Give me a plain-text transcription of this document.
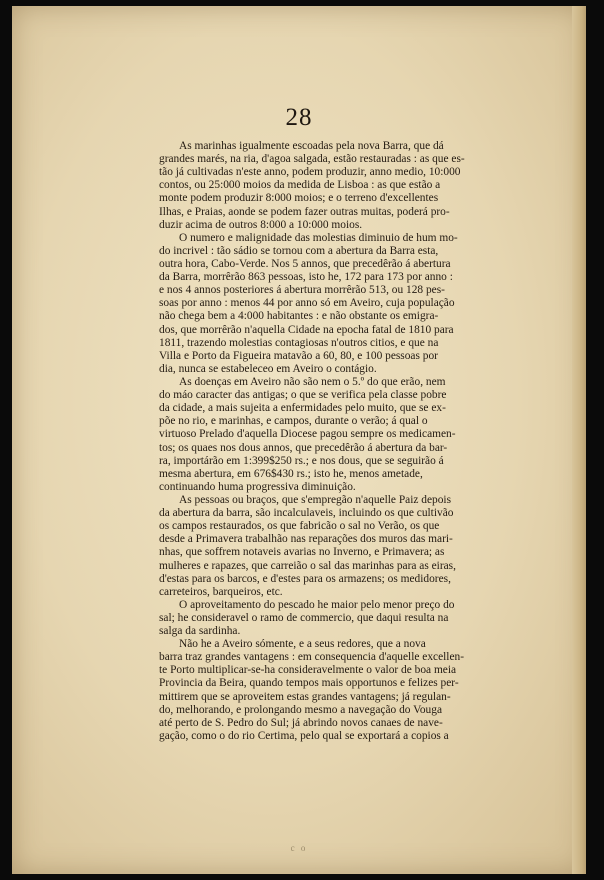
28
As marinhas igualmente escoadas pela nova Barra, que dá
grandes marés, na ria, d'agoa salgada, estão restauradas : as que es-
tão já cultivadas n'este anno, podem produzir, anno medio, 10:000
contos, ou 25:000 moios da medida de Lisboa : as que estão a
monte podem produzir 8:000 moios; e o terreno d'excellentes
Ilhas, e Praias, aonde se podem fazer outras muitas, poderá pro-
duzir acima de outros 8:000 a 10:000 moios.
O numero e malignidade das molestias diminuio de hum mo-
do incrivel : tão sádio se tornou com a abertura da Barra esta,
outra hora, Cabo-Verde. Nos 5 annos, que precedêrão á abertura
da Barra, morrêrão 863 pessoas, isto he, 172 para 173 por anno :
e nos 4 annos posteriores á abertura morrêrão 513, ou 128 pes-
soas por anno : menos 44 por anno só em Aveiro, cuja população
não chega bem a 4:000 habitantes : e não obstante os emigra-
dos, que morrêrão n'aquella Cidade na epocha fatal de 1810 para
1811, trazendo molestias contagiosas n'outros citios, e que na
Villa e Porto da Figueira matavão a 60, 80, e 100 pessoas por
dia, nunca se estabeleceo em Aveiro o contágio.
As doenças em Aveiro não são nem o 5.º do que erão, nem
do máo caracter das antigas; o que se verifica pela classe pobre
da cidade, a mais sujeita a enfermidades pelo muito, que se ex-
põe no rio, e marinhas, e campos, durante o verão; á qual o
virtuoso Prelado d'aquella Diocese pagou sempre os medicamen-
tos; os quaes nos dous annos, que precedêrão á abertura da bar-
ra, importárão em 1:399$250 rs.; e nos dous, que se seguirão á
mesma abertura, em 676$430 rs.; isto he, menos ametade,
continuando huma progressiva diminuição.
As pessoas ou braços, que s'empregão n'aquelle Paiz depois
da abertura da barra, são incalculaveis, incluindo os que cultivão
os campos restaurados, os que fabricão o sal no Verão, os que
desde a Primavera trabalhão nas reparações dos muros das mari-
nhas, que soffrem notaveis avarias no Inverno, e Primavera; as
mulheres e rapazes, que carreião o sal das marinhas para as eiras,
d'estas para os barcos, e d'estes para os armazens; os medidores,
carreteiros, barqueiros, etc.
O aproveitamento do pescado he maior pelo menor preço do
sal; he consideravel o ramo de commercio, que daqui resulta na
salga da sardinha.
Não he a Aveiro sómente, e a seus redores, que a nova
barra traz grandes vantagens : em consequencia d'aquelle excellen-
te Porto multiplicar-se-ha consideravelmente o valor de boa meia
Provincia da Beira, quando tempos mais opportunos e felizes per-
mittirem que se aproveitem estas grandes vantagens; já regulan-
do, melhorando, e prolongando mesmo a navegação do Vouga
até perto de S. Pedro do Sul; já abrindo novos canaes de nave-
gação, como o do rio Certima, pelo qual se exportará a copios a
c o
